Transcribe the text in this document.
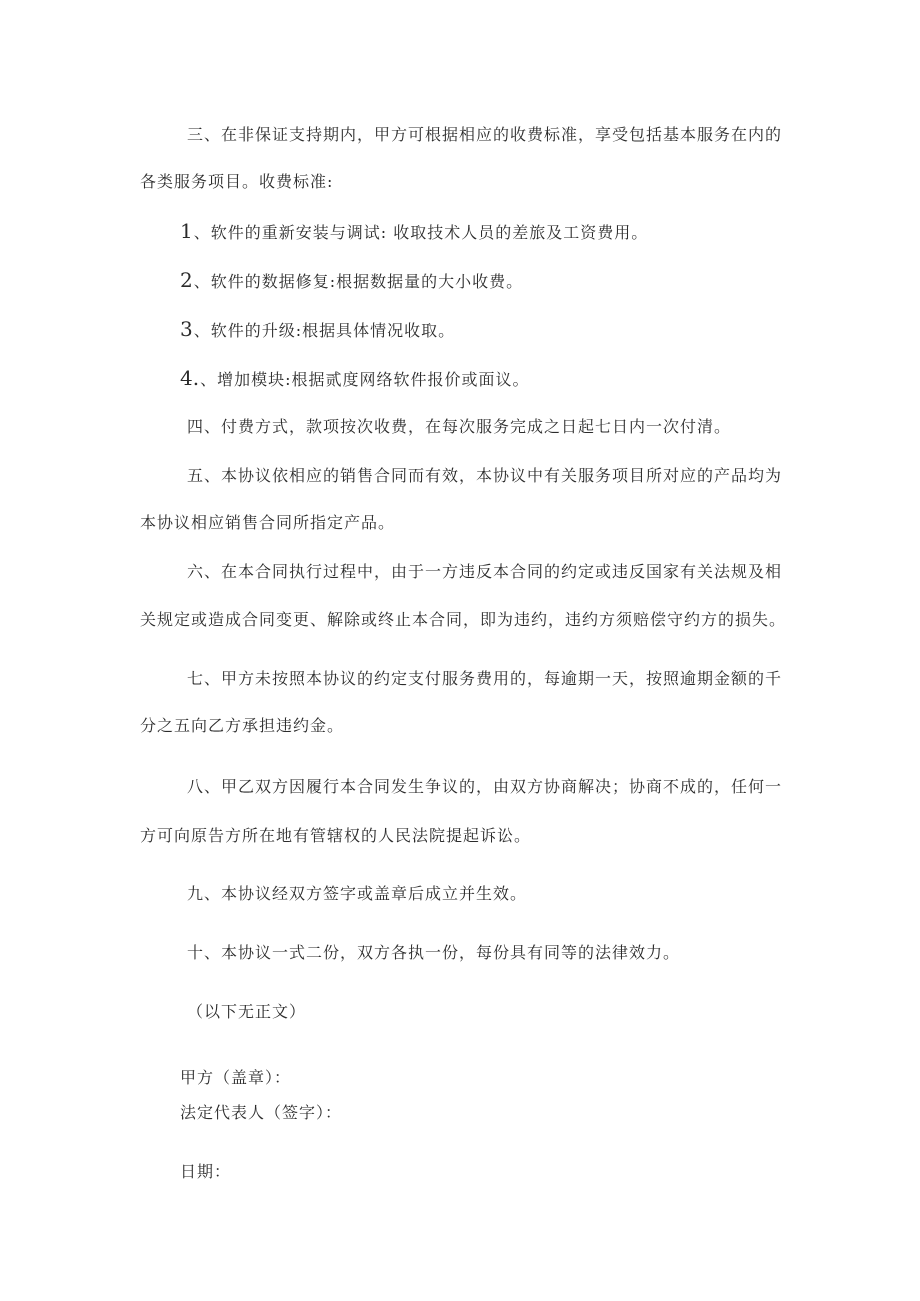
三、在非保证支持期内，甲方可根据相应的收费标准，享受包括基本服务在内的
各类服务项目。收费标准:
1、软件的重新安装与调试: 收取技术人员的差旅及工资费用。
2、软件的数据修复:根据数据量的大小收费。
3、软件的升级:根据具体情况收取。
4.、增加模块:根据贰度网络软件报价或面议。
四、付费方式，款项按次收费，在每次服务完成之日起七日内一次付清。
五、本协议依相应的销售合同而有效，本协议中有关服务项目所对应的产品均为
本协议相应销售合同所指定产品。
六、在本合同执行过程中，由于一方违反本合同的约定或违反国家有关法规及相
关规定或造成合同变更、解除或终止本合同，即为违约，违约方须赔偿守约方的损失。
七、甲方未按照本协议的约定支付服务费用的，每逾期一天，按照逾期金额的千
分之五向乙方承担违约金。
八、甲乙双方因履行本合同发生争议的，由双方协商解决；协商不成的，任何一
方可向原告方所在地有管辖权的人民法院提起诉讼。
九、本协议经双方签字或盖章后成立并生效。
十、本协议一式二份，双方各执一份，每份具有同等的法律效力。
（以下无正文）
甲方（盖章）：
法定代表人（签字）：
日期：
